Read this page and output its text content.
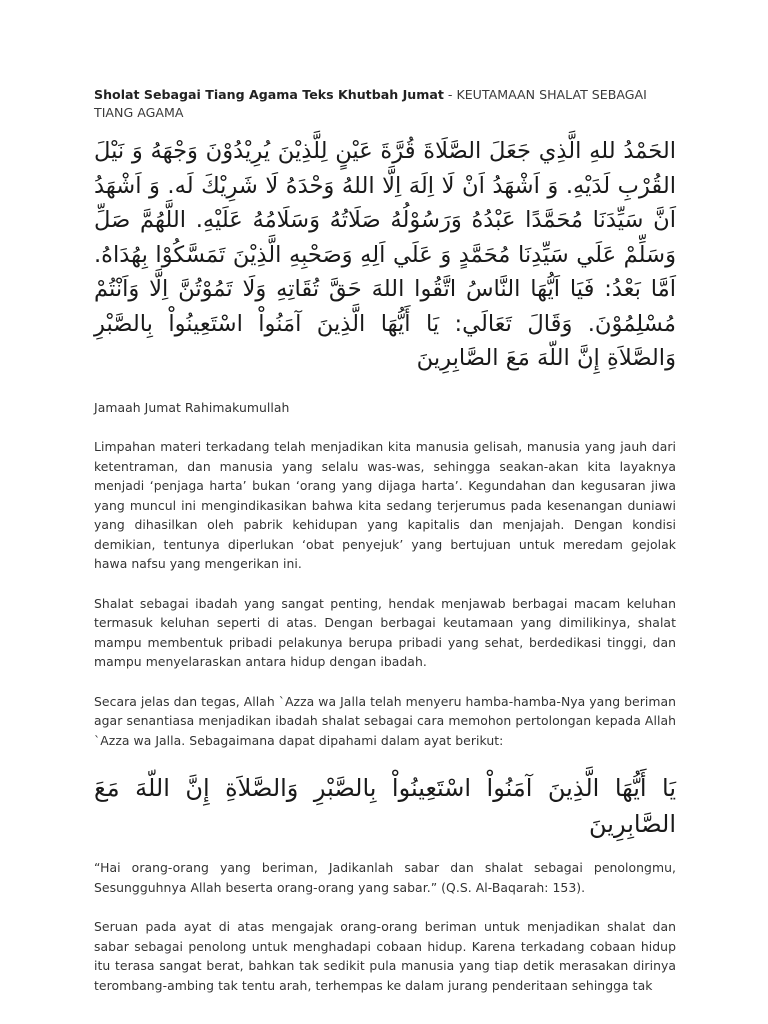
Sholat Sebagai Tiang Agama Teks Khutbah Jumat - KEUTAMAAN SHALAT SEBAGAI TIANG AGAMA

الحَمْدُ للهِ الَّذِي جَعَلَ الصَّلَاةَ قُرَّةَ عَيْنٍ لِلَّذِيْنَ يُرِيْدُوْنَ وَجْهَهُ وَ نَيْلَ القُرْبِ لَدَيْهِ. وَ اَشْهَدُ اَنْ لَا اِلَهَ اِلَّا اللهُ وَحْدَهُ لَا شَرِيْكَ لَه. وَ اَشْهَدُ اَنَّ سَيِّدَنَا مُحَمَّدًا عَبْدُهُ وَرَسُوْلُهُ صَلَاتُهُ وَسَلَامُهُ عَلَيْهِ. اللَّهُمَّ صَلِّ وَسَلِّمْ عَلَي سَيِّدِنَا مُحَمَّدٍ وَ عَلَي اَلِهِ وَصَحْبِهِ الَّذِيْنَ تَمَسَّكُوْا بِهُدَاهُ. اَمَّا بَعْدُ: فَيَا اَيُّهَا النَّاسُ اتَّقُوا اللهَ حَقَّ تُقَاتِهِ وَلَا تَمُوْتُنَّ اِلَّا وَاَنْتُمْ مُسْلِمُوْنَ. وَقَالَ تَعَالَي: يَا أَيُّهَا الَّذِينَ آمَنُواْ اسْتَعِينُواْ بِالصَّبْرِ وَالصَّلاَةِ إِنَّ اللّهَ مَعَ الصَّابِرِينَ

Jamaah Jumat Rahimakumullah

Limpahan materi terkadang telah menjadikan kita manusia gelisah, manusia yang jauh dari ketentraman, dan manusia yang selalu was-was, sehingga seakan-akan kita layaknya menjadi ‘penjaga harta’ bukan ‘orang yang dijaga harta’. Kegundahan dan kegusaran jiwa yang muncul ini mengindikasikan bahwa kita sedang terjerumus pada kesenangan duniawi yang dihasilkan oleh pabrik kehidupan yang kapitalis dan menjajah. Dengan kondisi demikian, tentunya diperlukan ‘obat penyejuk’ yang bertujuan untuk meredam gejolak hawa nafsu yang mengerikan ini.

Shalat sebagai ibadah yang sangat penting, hendak menjawab berbagai macam keluhan termasuk keluhan seperti di atas. Dengan berbagai keutamaan yang dimilikinya, shalat mampu membentuk pribadi pelakunya berupa pribadi yang sehat, berdedikasi tinggi, dan mampu menyelaraskan antara hidup dengan ibadah.

Secara jelas dan tegas, Allah `Azza wa Jalla telah menyeru hamba-hamba-Nya yang beriman agar senantiasa menjadikan ibadah shalat sebagai cara memohon pertolongan kepada Allah `Azza wa Jalla. Sebagaimana dapat dipahami dalam ayat berikut:

يَا أَيُّهَا الَّذِينَ آمَنُواْ اسْتَعِينُواْ بِالصَّبْرِ وَالصَّلاَةِ إِنَّ اللّهَ مَعَ الصَّابِرِينَ

“Hai orang-orang yang beriman, Jadikanlah sabar dan shalat sebagai penolongmu, Sesungguhnya Allah beserta orang-orang yang sabar.” (Q.S. Al-Baqarah: 153).

Seruan pada ayat di atas mengajak orang-orang beriman untuk menjadikan shalat dan sabar sebagai penolong untuk menghadapi cobaan hidup. Karena terkadang cobaan hidup itu terasa sangat berat, bahkan tak sedikit pula manusia yang tiap detik merasakan dirinya terombang-ambing tak tentu arah, terhempas ke dalam jurang penderitaan sehingga tak
